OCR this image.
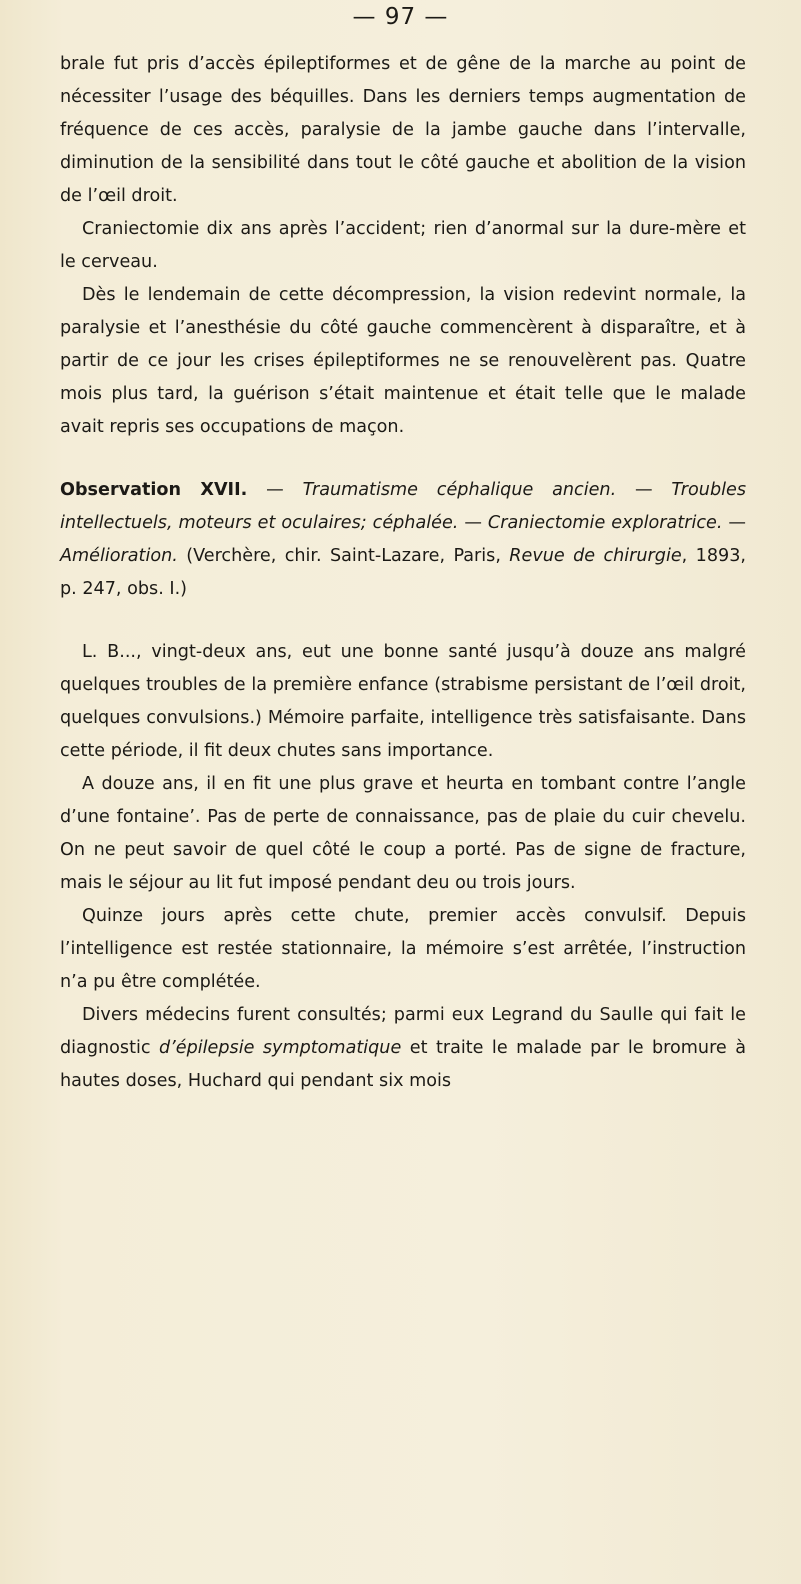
— 97 —

brale fut pris d’accès épileptiformes et de gêne de la marche au point de nécessiter l’usage des béquilles. Dans les derniers temps augmentation de fréquence de ces accès, paralysie de la jambe gauche dans l’intervalle, diminution de la sensibilité dans tout le côté gauche et abolition de la vision de l’œil droit.

Craniectomie dix ans après l’accident; rien d’anormal sur la dure-mère et le cerveau.

Dès le lendemain de cette décompression, la vision redevint normale, la paralysie et l’anesthésie du côté gauche commencèrent à disparaître, et à partir de ce jour les crises épileptiformes ne se renouvelèrent pas. Quatre mois plus tard, la guérison s’était maintenue et était telle que le malade avait repris ses occupations de maçon.

Observation XVII. — Traumatisme céphalique ancien. — Troubles intellectuels, moteurs et oculaires; céphalée. — Craniectomie exploratrice. — Amélioration. (Verchère, chir. Saint-Lazare, Paris, Revue de chirurgie, 1893, p. 247, obs. I.)

L. B..., vingt-deux ans, eut une bonne santé jusqu’à douze ans malgré quelques troubles de la première enfance (strabisme persistant de l’œil droit, quelques convulsions.) Mémoire parfaite, intelligence très satisfaisante. Dans cette période, il fit deux chutes sans importance.

A douze ans, il en fit une plus grave et heurta en tombant contre l’angle d’une fontaine’. Pas de perte de connaissance, pas de plaie du cuir chevelu. On ne peut savoir de quel côté le coup a porté. Pas de signe de fracture, mais le séjour au lit fut imposé pendant deu ou trois jours.

Quinze jours après cette chute, premier accès convulsif. Depuis l’intelligence est restée stationnaire, la mémoire s’est arrêtée, l’instruction n’a pu être complétée.

Divers médecins furent consultés; parmi eux Legrand du Saulle qui fait le diagnostic d’épilepsie symptomatique et traite le malade par le bromure à hautes doses, Huchard qui pendant six mois
